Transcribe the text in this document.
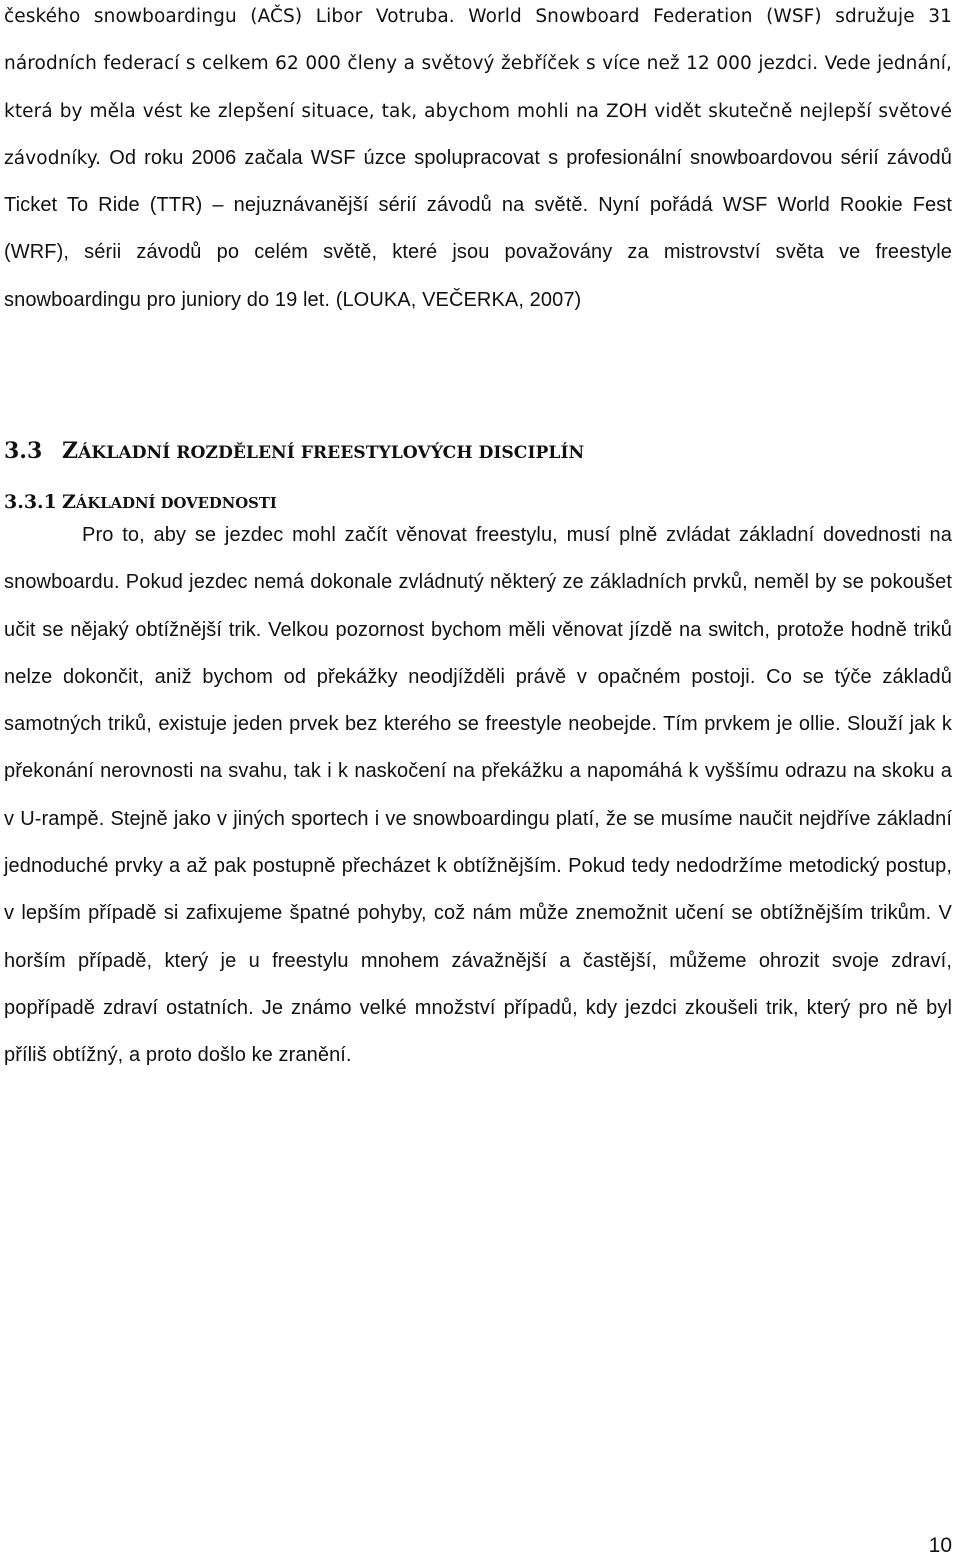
českého snowboardingu (AČS) Libor Votruba. World Snowboard Federation (WSF) sdružuje 31 národních federací s celkem 62 000 členy a světový žebříček s více než 12 000 jezdci. Vede jednání, která by měla vést ke zlepšení situace, tak, abychom mohli na ZOH vidět skutečně nejlepší světové závodníky. Od roku 2006 začala WSF úzce spolupracovat s profesionální snowboardovou sérií závodů Ticket To Ride (TTR) – nejuznávanější sérií závodů na světě. Nyní pořádá WSF World Rookie Fest (WRF), sérii závodů po celém světě, které jsou považovány za mistrovství světa ve freestyle snowboardingu pro juniory do 19 let. (LOUKA, VEČERKA, 2007)

3.3 ZÁKLADNÍ ROZDĚLENÍ FREESTYLOVÝCH DISCIPLÍN
3.3.1 ZÁKLADNÍ DOVEDNOSTI

Pro to, aby se jezdec mohl začít věnovat freestylu, musí plně zvládat základní dovednosti na snowboardu. Pokud jezdec nemá dokonale zvládnutý některý ze základních prvků, neměl by se pokoušet učit se nějaký obtížnější trik. Velkou pozornost bychom měli věnovat jízdě na switch, protože hodně triků nelze dokončit, aniž bychom od překážky neodjížděli právě v opačném postoji. Co se týče základů samotných triků, existuje jeden prvek bez kterého se freestyle neobejde. Tím prvkem je ollie. Slouží jak k překonání nerovnosti na svahu, tak i k naskočení na překážku a napomáhá k vyššímu odrazu na skoku a v U-rampě. Stejně jako v jiných sportech i ve snowboardingu platí, že se musíme naučit nejdříve základní jednoduché prvky a až pak postupně přecházet k obtížnějším. Pokud tedy nedodržíme metodický postup, v lepším případě si zafixujeme špatné pohyby, což nám může znemožnit učení se obtížnějším trikům. V horším případě, který je u freestylu mnohem závažnější a častější, můžeme ohrozit svoje zdraví, popřípadě zdraví ostatních. Je známo velké množství případů, kdy jezdci zkoušeli trik, který pro ně byl příliš obtížný, a proto došlo ke zranění.

10
